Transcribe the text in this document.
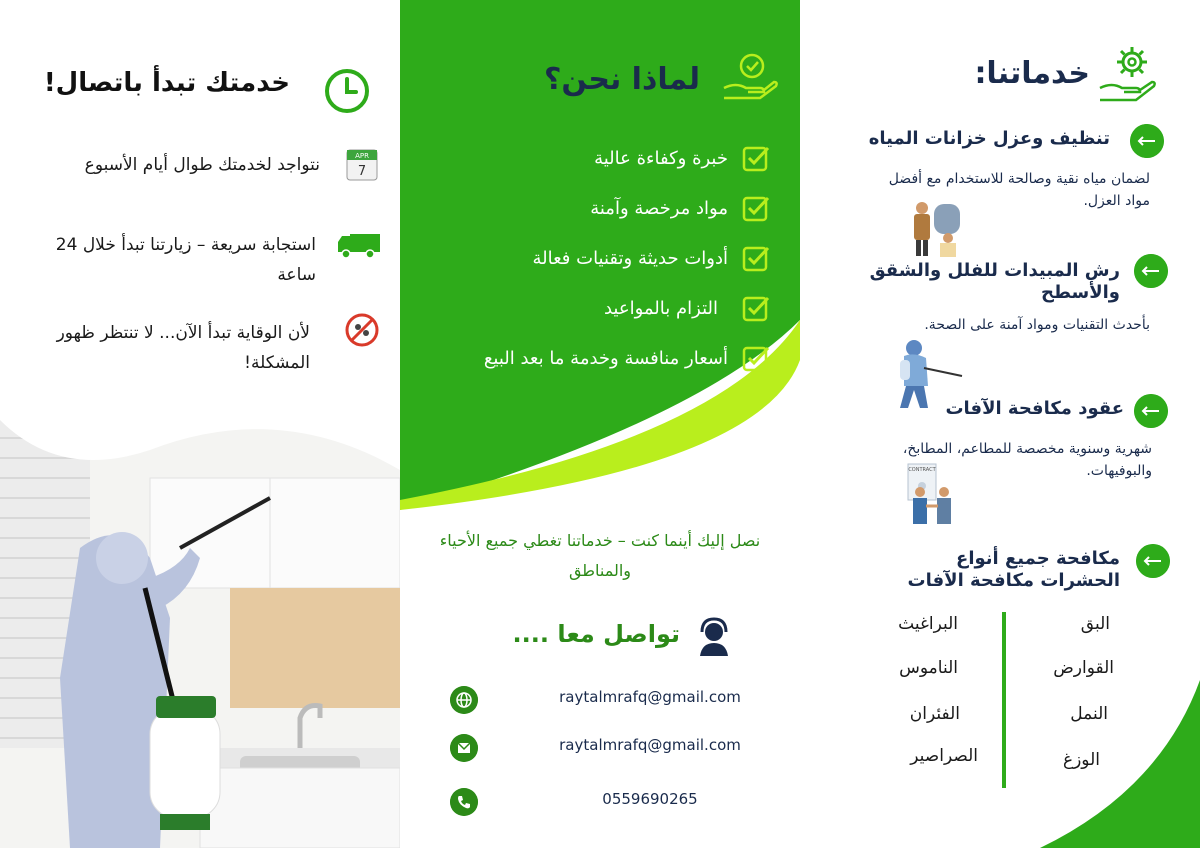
خدمتك تبدأ باتصال!
APR
7
نتواجد لخدمتك طوال أيام الأسبوع
استجابة سريعة – زيارتنا تبدأ خلال 24 ساعة
لأن الوقاية تبدأ الآن... لا تنتظر ظهور المشكلة!
لماذا نحن؟
خبرة وكفاءة عالية
مواد مرخصة وآمنة
أدوات حديثة وتقنيات فعالة
التزام بالمواعيد
أسعار منافسة وخدمة ما بعد البيع
نصل إليك أينما كنت – خدماتنا تغطي جميع الأحياء والمناطق
تواصل معا ....
raytalmrafq@gmail.com
raytalmrafq@gmail.com
0559690265
خدماتنا:
تنظيف وعزل خزانات المياه
لضمان مياه نقية وصالحة للاستخدام مع أفضل مواد العزل.
رش المبيدات للفلل والشقق والأسطح
بأحدث التقنيات ومواد آمنة على الصحة.
عقود مكافحة الآفات
شهرية وسنوية مخصصة للمطاعم، المطابخ، والبوفيهات.
CONTRACT
مكافحة جميع أنواع الحشرات مكافحة الآفات
البق
القوارض
النمل
الوزغ
البراغيث
الناموس
الفئران
الصراصير
